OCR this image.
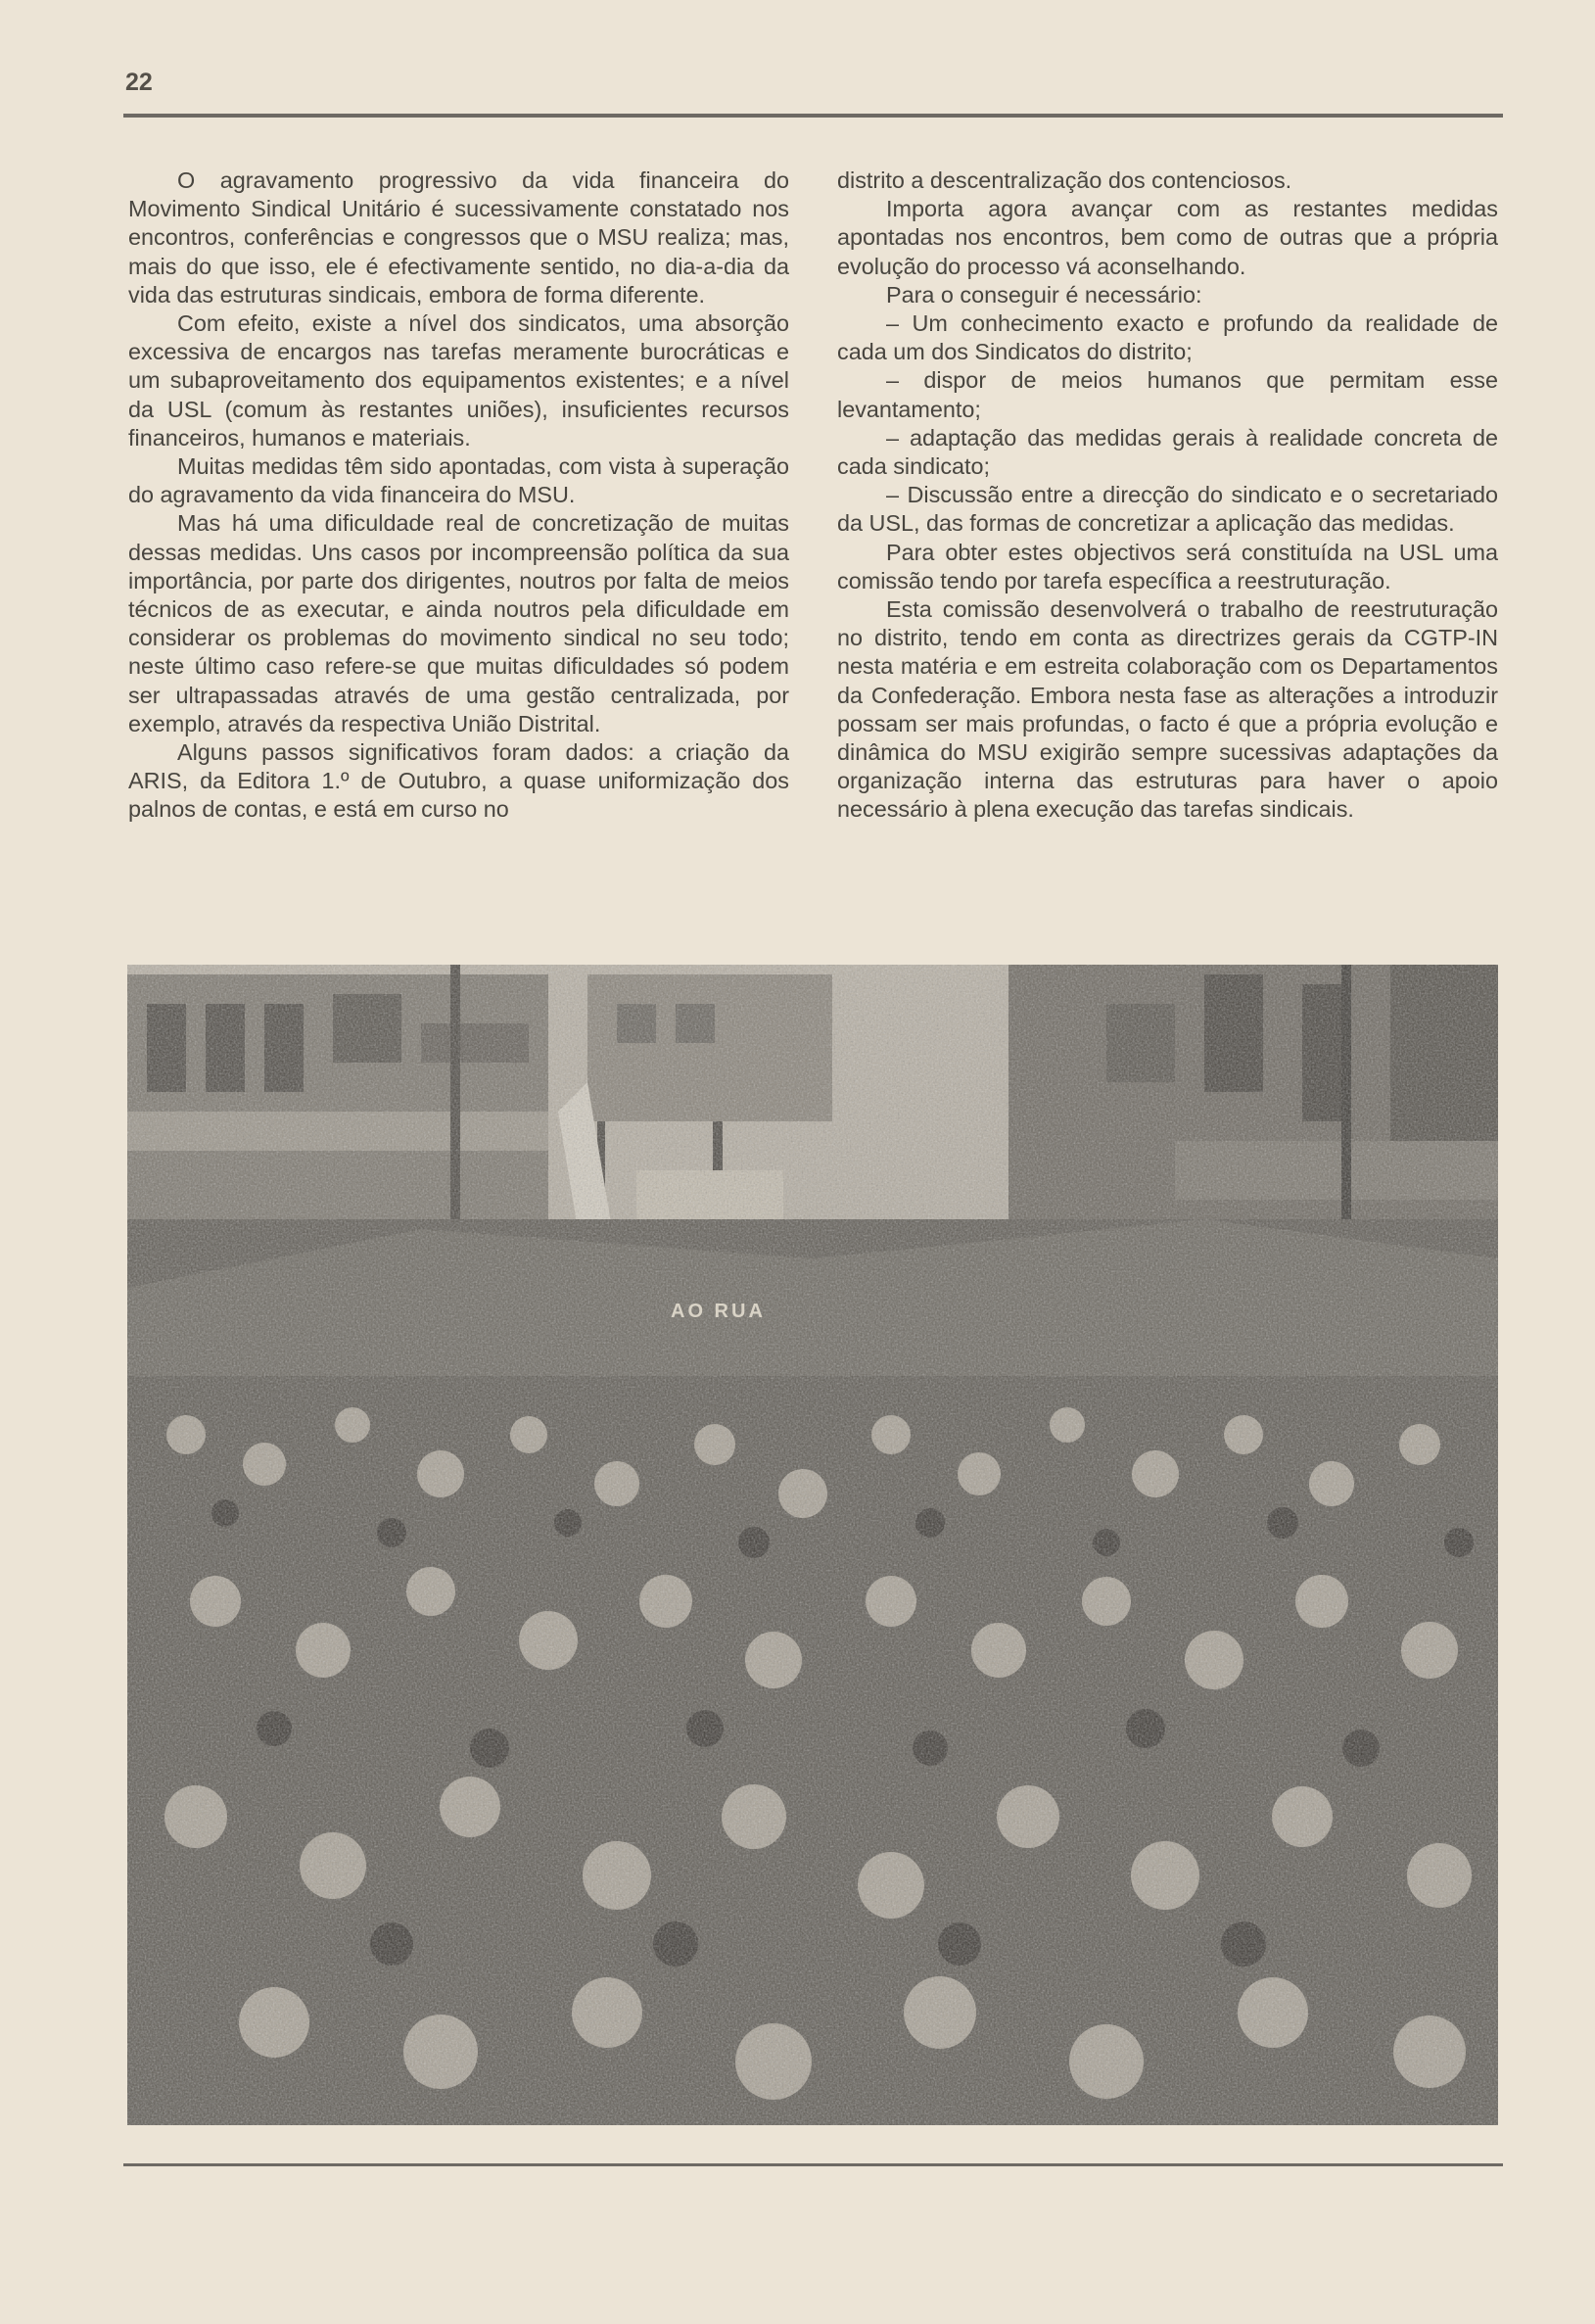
22

O agravamento progressivo da vida financeira do Movimento Sindical Unitário é sucessivamente constatado nos encontros, conferências e congressos que o MSU realiza; mas, mais do que isso, ele é efectivamente sentido, no dia-a-dia da vida das estruturas sindicais, embora de forma diferente.

Com efeito, existe a nível dos sindicatos, uma absorção excessiva de encargos nas tarefas meramente burocráticas e um subaproveitamento dos equipamentos existentes; e a nível da USL (comum às restantes uniões), insuficientes recursos financeiros, humanos e materiais.

Muitas medidas têm sido apontadas, com vista à superação do agravamento da vida financeira do MSU.

Mas há uma dificuldade real de concretização de muitas dessas medidas. Uns casos por incompreensão política da sua importância, por parte dos dirigentes, noutros por falta de meios técnicos de as executar, e ainda noutros pela dificuldade em considerar os problemas do movimento sindical no seu todo; neste último caso refere-se que muitas dificuldades só podem ser ultrapassadas através de uma gestão centralizada, por exemplo, através da respectiva União Distrital.

Alguns passos significativos foram dados: a criação da ARIS, da Editora 1.º de Outubro, a quase uniformização dos palnos de contas, e está em curso no

distrito a descentralização dos contenciosos.

Importa agora avançar com as restantes medidas apontadas nos encontros, bem como de outras que a própria evolução do processo vá aconselhando.

Para o conseguir é necessário:

– Um conhecimento exacto e profundo da realidade de cada um dos Sindicatos do distrito;

– dispor de meios humanos que permitam esse levantamento;

– adaptação das medidas gerais à realidade concreta de cada sindicato;

– Discussão entre a direcção do sindicato e o secretariado da USL, das formas de concretizar a aplicação das medidas.

Para obter estes objectivos será constituída na USL uma comissão tendo por tarefa específica a reestruturação.

Esta comissão desenvolverá o trabalho de reestruturação no distrito, tendo em conta as directrizes gerais da CGTP-IN nesta matéria e em estreita colaboração com os Departamentos da Confederação. Embora nesta fase as alterações a introduzir possam ser mais profundas, o facto é que a própria evolução e dinâmica do MSU exigirão sempre sucessivas adaptações da organização interna das estruturas para haver o apoio necessário à plena execução das tarefas sindicais.

AO RUA
